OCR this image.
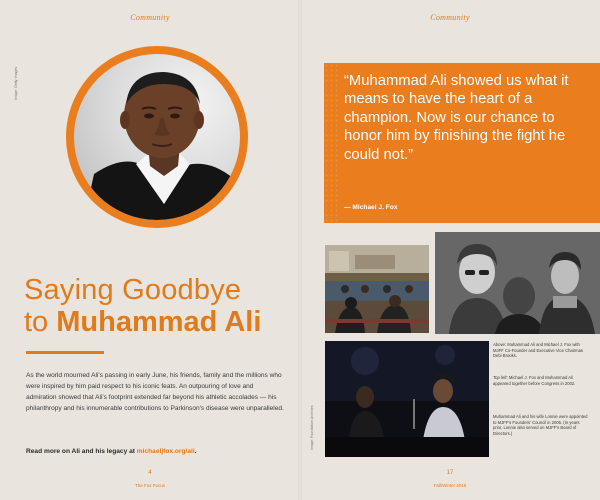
Community
Image: Getty Images
Saying Goodbye
to Muhammad Ali
As the world mourned Ali's passing in early June, his friends, family and the millions who were inspired by him paid respect to his iconic feats. An outpouring of love and admiration showed that Ali's footprint extended far beyond his athletic accolades — his philanthropy and his innumerable contributions to Parkinson's disease were unparalleled.
Read more on Ali and his legacy at michaeljfox.org/ali.
4
The Fox Focus
Community
“Muhammad Ali showed us what it means to have the heart of a champion. Now is our chance to honor him by finishing the fight he could not.”
— Michael J. Fox
Image: Foundation Archives
Above: Muhammad Ali and Michael J. Fox with MJFF Co-Founder and Executive Vice Chairman Debi Brooks.
Top left: Michael J. Fox and Muhammad Ali appeared together before Congress in 2002.
Muhammad Ali and his wife Lonnie were appointed to MJFF's Founders' Council in 2005. (In years prior, Lonnie also served on MJFF's Board of Directors.)
17
Fall/Winter 2016
